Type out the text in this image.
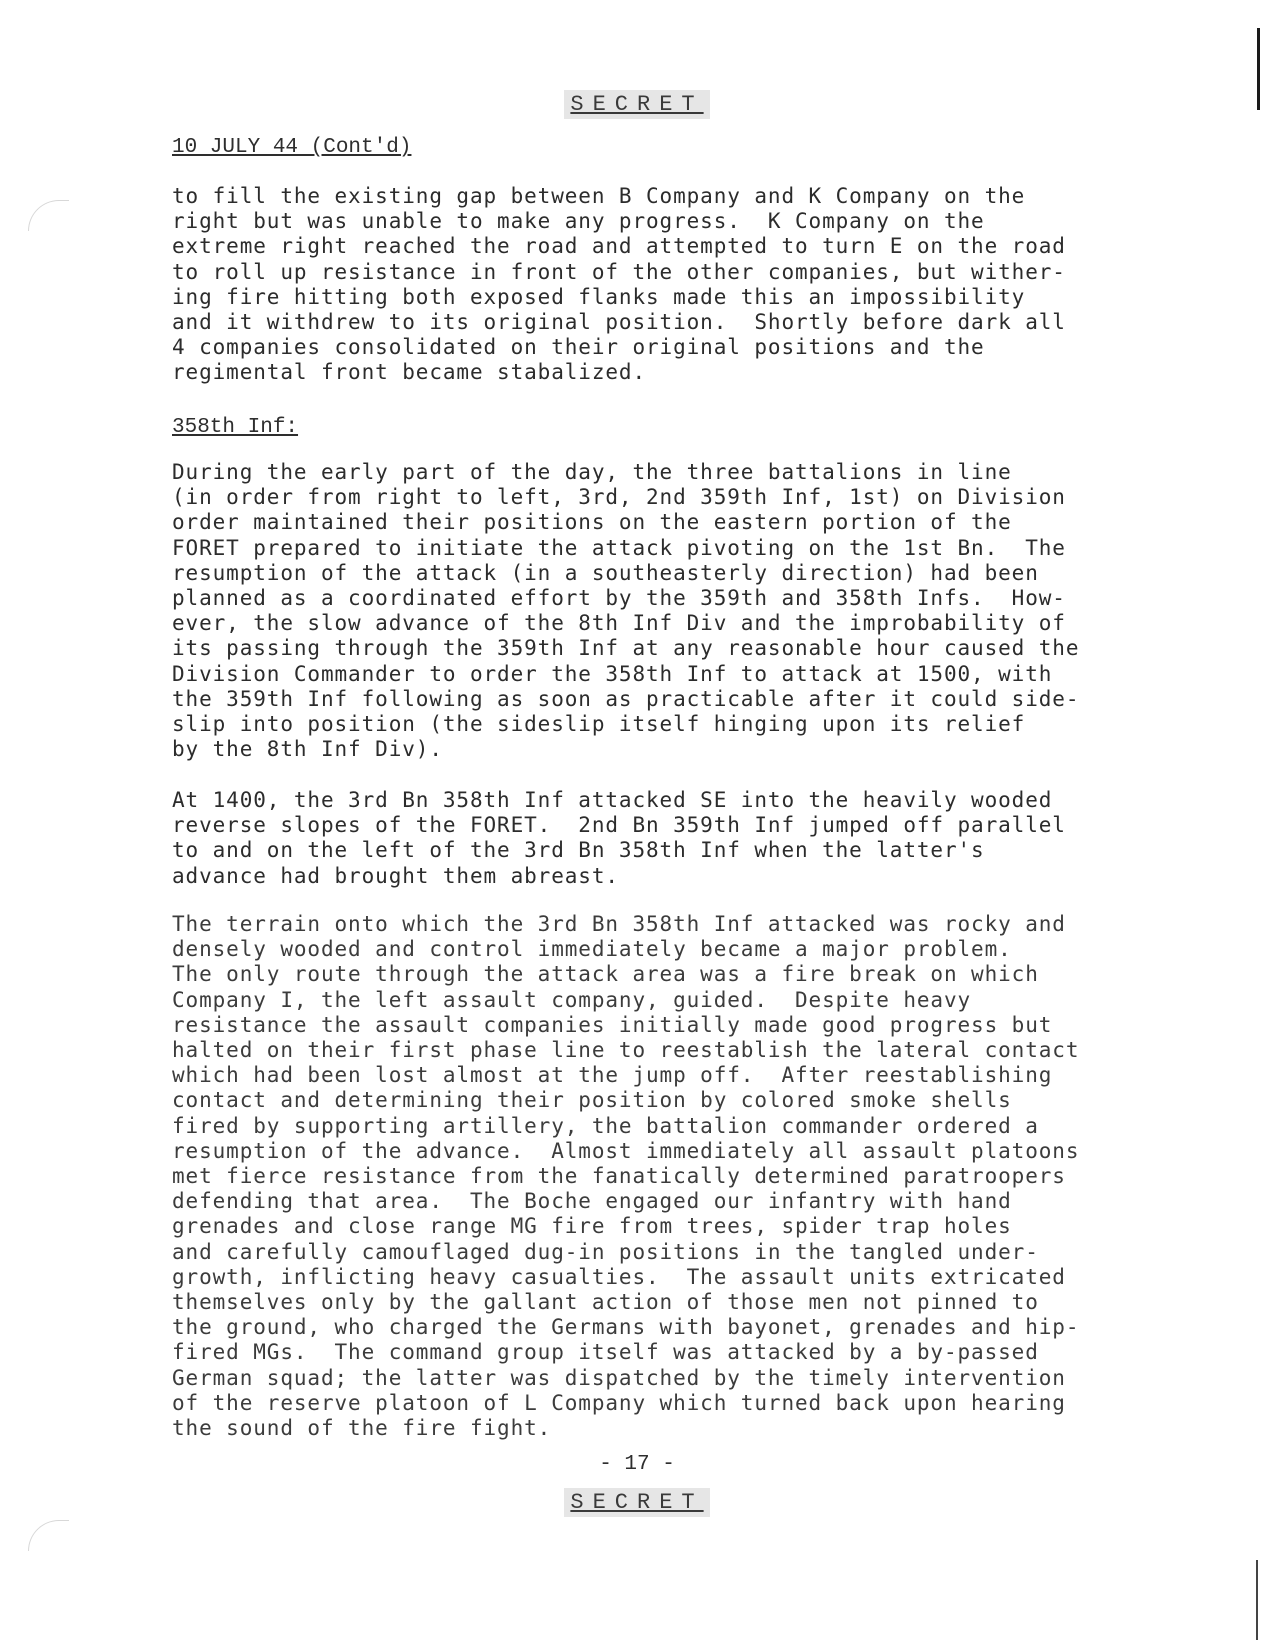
SECRET
10 JULY 44 (Cont'd)
to fill the existing gap between B Company and K Company on the
right but was unable to make any progress.  K Company on the
extreme right reached the road and attempted to turn E on the road
to roll up resistance in front of the other companies, but wither-
ing fire hitting both exposed flanks made this an impossibility
and it withdrew to its original position.  Shortly before dark all
4 companies consolidated on their original positions and the
regimental front became stabalized.
358th Inf:
During the early part of the day, the three battalions in line
(in order from right to left, 3rd, 2nd 359th Inf, 1st) on Division
order maintained their positions on the eastern portion of the
FORET prepared to initiate the attack pivoting on the 1st Bn.  The
resumption of the attack (in a southeasterly direction) had been
planned as a coordinated effort by the 359th and 358th Infs.  How-
ever, the slow advance of the 8th Inf Div and the improbability of
its passing through the 359th Inf at any reasonable hour caused the
Division Commander to order the 358th Inf to attack at 1500, with
the 359th Inf following as soon as practicable after it could side-
slip into position (the sideslip itself hinging upon its relief
by the 8th Inf Div).
At 1400, the 3rd Bn 358th Inf attacked SE into the heavily wooded
reverse slopes of the FORET.  2nd Bn 359th Inf jumped off parallel
to and on the left of the 3rd Bn 358th Inf when the latter's
advance had brought them abreast.
The terrain onto which the 3rd Bn 358th Inf attacked was rocky and
densely wooded and control immediately became a major problem.
The only route through the attack area was a fire break on which
Company I, the left assault company, guided.  Despite heavy
resistance the assault companies initially made good progress but
halted on their first phase line to reestablish the lateral contact
which had been lost almost at the jump off.  After reestablishing
contact and determining their position by colored smoke shells
fired by supporting artillery, the battalion commander ordered a
resumption of the advance.  Almost immediately all assault platoons
met fierce resistance from the fanatically determined paratroopers
defending that area.  The Boche engaged our infantry with hand
grenades and close range MG fire from trees, spider trap holes
and carefully camouflaged dug-in positions in the tangled under-
growth, inflicting heavy casualties.  The assault units extricated
themselves only by the gallant action of those men not pinned to
the ground, who charged the Germans with bayonet, grenades and hip-
fired MGs.  The command group itself was attacked by a by-passed
German squad; the latter was dispatched by the timely intervention
of the reserve platoon of L Company which turned back upon hearing
the sound of the fire fight.
- 17 -
SECRET
